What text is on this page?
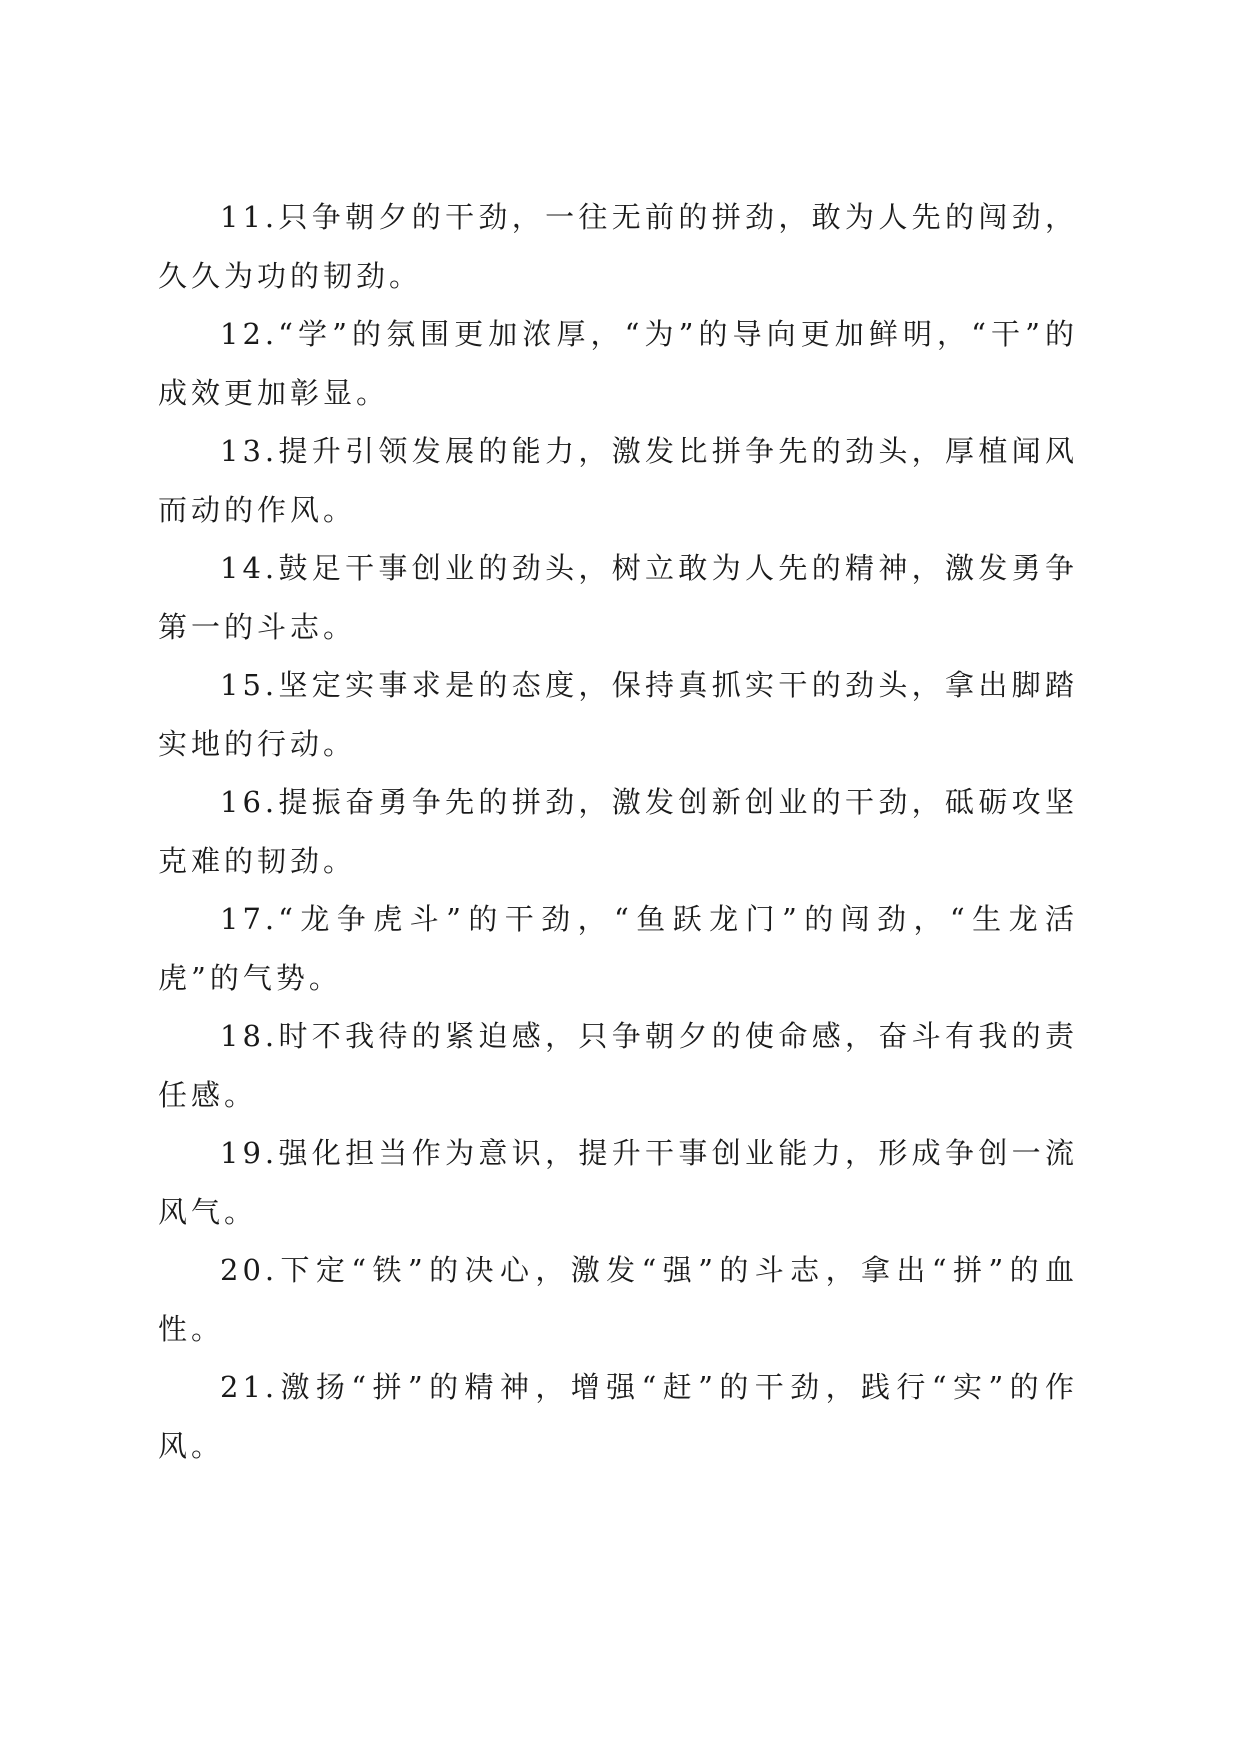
11.只争朝夕的干劲，一往无前的拼劲，敢为人先的闯劲，久久为功的韧劲。

12.“学”的氛围更加浓厚，“为”的导向更加鲜明，“干”的成效更加彰显。

13.提升引领发展的能力，激发比拼争先的劲头，厚植闻风而动的作风。

14.鼓足干事创业的劲头，树立敢为人先的精神，激发勇争第一的斗志。

15.坚定实事求是的态度，保持真抓实干的劲头，拿出脚踏实地的行动。

16.提振奋勇争先的拼劲，激发创新创业的干劲，砥砺攻坚克难的韧劲。

17.“龙争虎斗”的干劲，“鱼跃龙门”的闯劲，“生龙活虎”的气势。

18.时不我待的紧迫感，只争朝夕的使命感，奋斗有我的责任感。

19.强化担当作为意识，提升干事创业能力，形成争创一流风气。

20.下定“铁”的决心，激发“强”的斗志，拿出“拼”的血性。

21.激扬“拼”的精神，增强“赶”的干劲，践行“实”的作风。
